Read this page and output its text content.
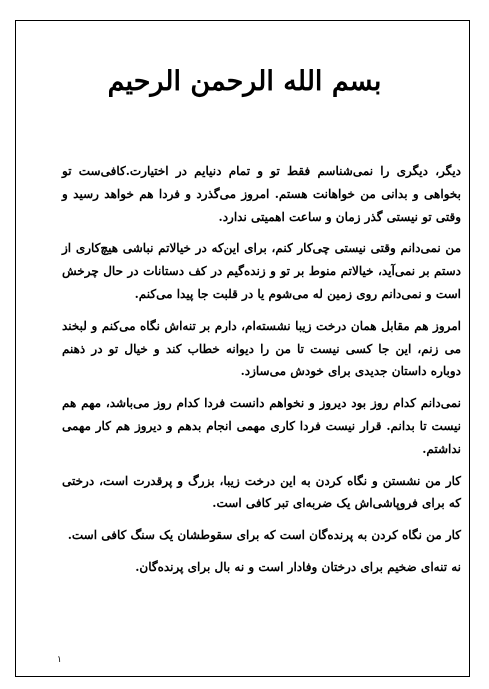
بسم الله الرحمن الرحيم

دیگر، دیگری را نمی‌شناسم فقط تو و تمام دنیایم در اختیارت.کافی‌ست تو بخواهی و بدانی من خواهانت هستم. امروز می‌گذرد و فردا هم خواهد رسید و وقتی تو نیستی گذر زمان و ساعت اهمیتی ندارد.

من نمی‌دانم وقتی نیستی چی‌کار کنم، برای این‌که در خیالاتم نباشی هیچ‌کاری از دستم بر نمی‌آید، خیالاتم منوط بر تو و زنده‌گیم در کف دستانات در حال چرخش است و نمی‌دانم روی زمین له می‌شوم یا در قلبت جا پیدا می‌کنم.

امروز هم مقابل همان درخت زیبا نشسته‌ام، دارم بر تنه‌اش نگاه می‌کنم و لبخند می زنم، این جا کسی نیست تا من را دیوانه خطاب کند و خیال تو در ذهنم دوباره داستان جدیدی برای خودش می‌سازد.

نمی‌دانم کدام روز بود دیروز و نخواهم دانست فردا کدام روز می‌باشد، مهم هم نیست تا بدانم. قرار نیست فردا کاری مهمی انجام بدهم و دیروز هم کار مهمی نداشتم.

کار من نشستن و نگاه کردن به این درخت زیبا، بزرگ و پرقدرت است، درختی که برای فروپاشی‌اش یک ضربه‌ای تبر کافی است.

کار من نگاه کردن به پرنده‌گان است که برای سقوطشان یک سنگ کافی است.

نه تنه‌ای ضخیم برای درختان وفادار است و نه بال برای پرنده‌گان.

۱
